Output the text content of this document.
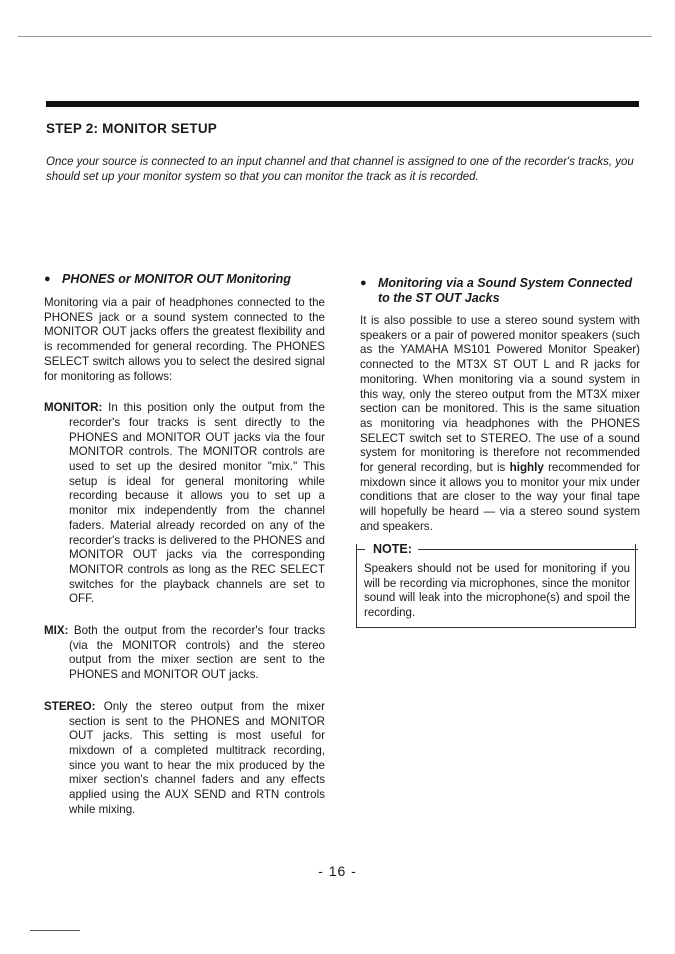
STEP 2: MONITOR SETUP

Once your source is connected to an input channel and that channel is assigned to one of the recorder's tracks, you should set up your monitor system so that you can monitor the track as it is recorded.

● PHONES or MONITOR OUT Monitoring

Monitoring via a pair of headphones connected to the PHONES jack or a sound system connected to the MONITOR OUT jacks offers the greatest flexibility and is recommended for general recording. The PHONES SELECT switch allows you to select the desired signal for monitoring as follows:

MONITOR: In this position only the output from the recorder's four tracks is sent directly to the PHONES and MONITOR OUT jacks via the four MONITOR controls. The MONITOR controls are used to set up the desired monitor "mix." This setup is ideal for general monitoring while recording because it allows you to set up a monitor mix independently from the channel faders. Material already recorded on any of the recorder's tracks is delivered to the PHONES and MONITOR OUT jacks via the corresponding MONITOR controls as long as the REC SELECT switches for the playback channels are set to OFF.
MIX: Both the output from the recorder's four tracks (via the MONITOR controls) and the stereo output from the mixer section are sent to the PHONES and MONITOR OUT jacks.
STEREO: Only the stereo output from the mixer section is sent to the PHONES and MONITOR OUT jacks. This setting is most useful for mixdown of a completed multitrack recording, since you want to hear the mix produced by the mixer section's channel faders and any effects applied using the AUX SEND and RTN controls while mixing.
● Monitoring via a Sound System Connected to the ST OUT Jacks

It is also possible to use a stereo sound system with speakers or a pair of powered monitor speakers (such as the YAMAHA MS101 Powered Monitor Speaker) connected to the MT3X ST OUT L and R jacks for monitoring. When monitoring via a sound system in this way, only the stereo output from the MT3X mixer section can be monitored. This is the same situation as monitoring via headphones with the PHONES SELECT switch set to STEREO. The use of a sound system for monitoring is therefore not recommended for general recording, but is highly recommended for mixdown since it allows you to monitor your mix under conditions that are closer to the way your final tape will hopefully be heard — via a stereo sound system and speakers.

NOTE:

Speakers should not be used for monitoring if you will be recording via microphones, since the monitor sound will leak into the microphone(s) and spoil the recording.

- 16 -
